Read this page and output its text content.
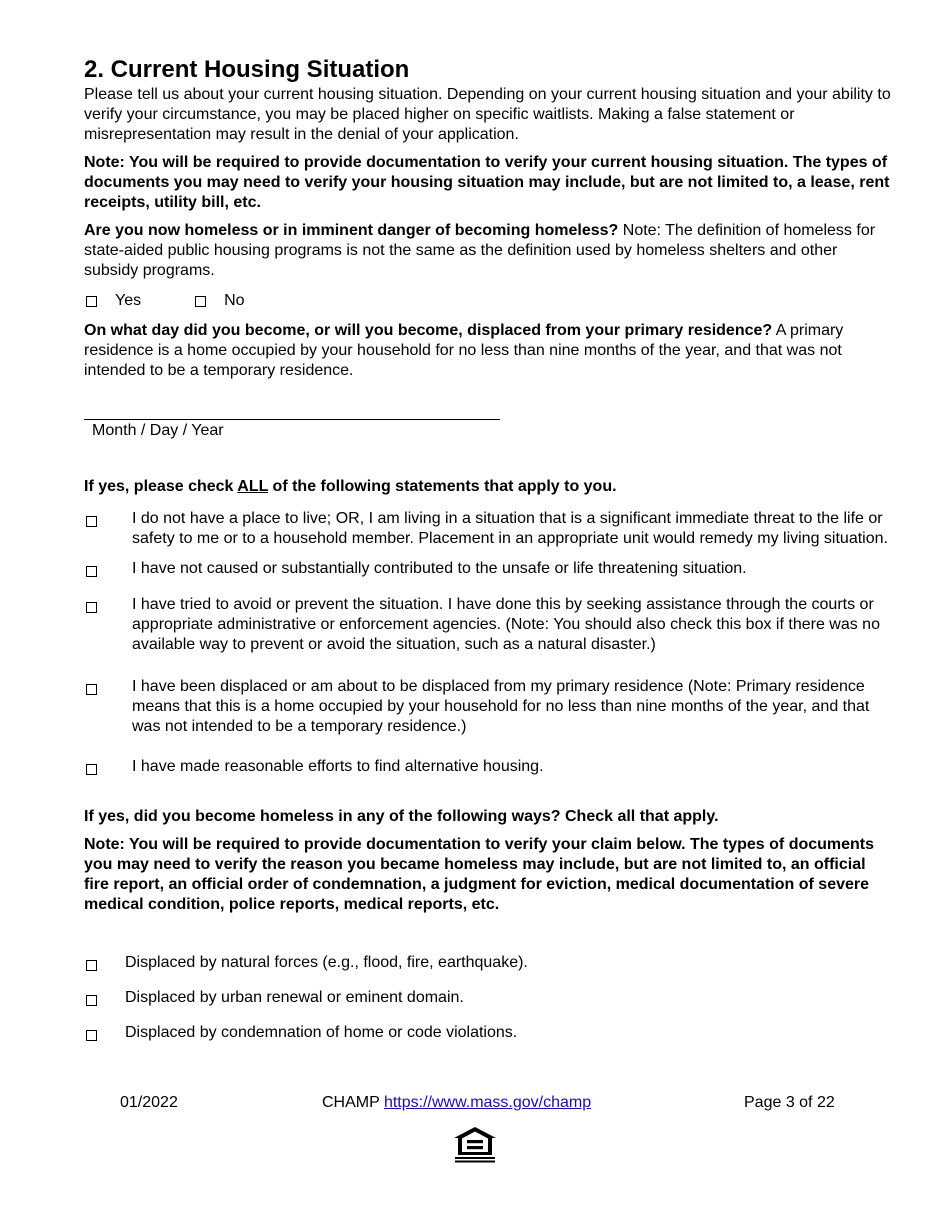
2. Current Housing Situation

Please tell us about your current housing situation. Depending on your current housing situation and your ability to verify your circumstance, you may be placed higher on specific waitlists. Making a false statement or misrepresentation may result in the denial of your application.

Note: You will be required to provide documentation to verify your current housing situation. The types of documents you may need to verify your housing situation may include, but are not limited to, a lease, rent receipts, utility bill, etc.

Are you now homeless or in imminent danger of becoming homeless? Note: The definition of homeless for state-aided public housing programs is not the same as the definition used by homeless shelters and other subsidy programs.

Yes	No

On what day did you become, or will you become, displaced from your primary residence? A primary residence is a home occupied by your household for no less than nine months of the year, and that was not intended to be a temporary residence.

Month / Day / Year

If yes, please check ALL of the following statements that apply to you.

I do not have a place to live; OR, I am living in a situation that is a significant immediate threat to the life or safety to me or to a household member. Placement in an appropriate unit would remedy my living situation.
I have not caused or substantially contributed to the unsafe or life threatening situation.
I have tried to avoid or prevent the situation. I have done this by seeking assistance through the courts or appropriate administrative or enforcement agencies. (Note: You should also check this box if there was no available way to prevent or avoid the situation, such as a natural disaster.)
I have been displaced or am about to be displaced from my primary residence (Note: Primary residence means that this is a home occupied by your household for no less than nine months of the year, and that was not intended to be a temporary residence.)
I have made reasonable efforts to find alternative housing.

If yes, did you become homeless in any of the following ways? Check all that apply.

Note: You will be required to provide documentation to verify your claim below. The types of documents you may need to verify the reason you became homeless may include, but are not limited to, an official fire report, an official order of condemnation, a judgment for eviction, medical documentation of severe medical condition, police reports, medical reports, etc.

Displaced by natural forces (e.g., flood, fire, earthquake).
Displaced by urban renewal or eminent domain.
Displaced by condemnation of home or code violations.
01/2022	CHAMP https://www.mass.gov/champ	Page 3 of 22
